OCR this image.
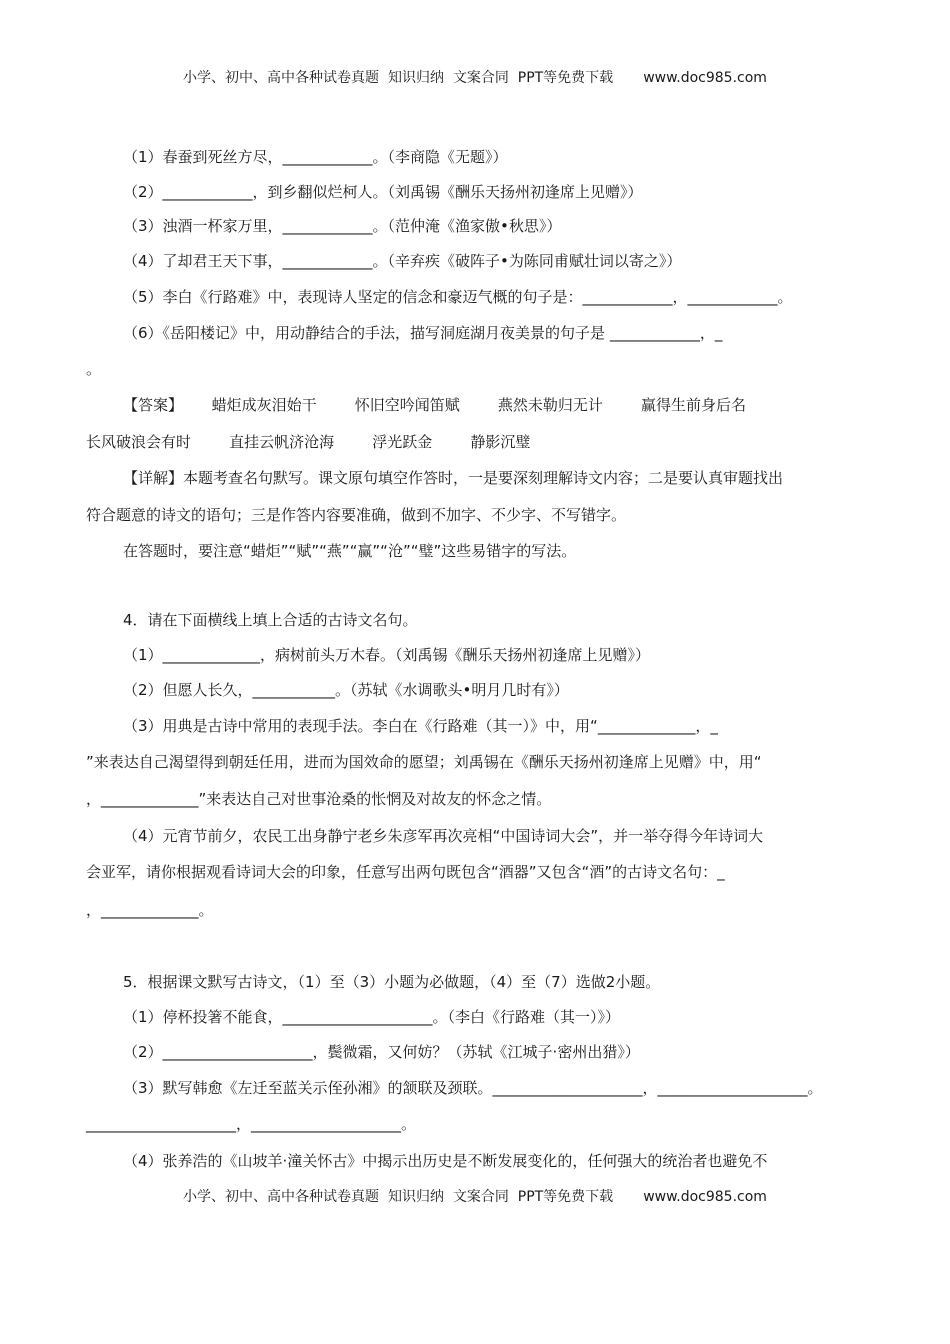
小学、初中、高中各种试卷真题  知识归纳  文案合同  PPT等免费下载 www.doc985.com
（1）春蚕到死丝方尽，____________。（李商隐《无题》）
（2）____________，到乡翻似烂柯人。（刘禹锡《酬乐天扬州初逢席上见赠》）
（3）浊酒一杯家万里，____________。（范仲淹《渔家傲•秋思》）
（4）了却君王天下事，____________。（辛弃疾《破阵子•为陈同甫赋壮词以寄之》）
（5）李白《行路难》中，表现诗人坚定的信念和豪迈气概的句子是：____________，____________。
（6）《岳阳楼记》中，用动静结合的手法，描写洞庭湖月夜美景的句子是 ____________，_
。
【答案】      蜡炬成灰泪始干        怀旧空吟闻笛赋        燕然未勒归无计        赢得生前身后名
长风破浪会有时        直挂云帆济沧海        浮光跃金        静影沉璧
【详解】本题考查名句默写。课文原句填空作答时，一是要深刻理解诗文内容；二是要认真审题找出
符合题意的诗文的语句；三是作答内容要准确，做到不加字、不少字、不写错字。
在答题时，要注意“蜡炬”“赋”“燕”“赢”“沧”“璧”这些易错字的写法。
4．请在下面横线上填上合适的古诗文名句。
（1）_____________，病树前头万木春。（刘禹锡《酬乐天扬州初逢席上见赠》）
（2）但愿人长久，___________。（苏轼《水调歌头•明月几时有》）
（3）用典是古诗中常用的表现手法。李白在《行路难（其一）》中，用“_____________，_
”来表达自己渴望得到朝廷任用，进而为国效命的愿望；刘禹锡在《酬乐天扬州初逢席上见赠》中，用“
，_____________”来表达自己对世事沧桑的怅惘及对故友的怀念之情。
（4）元宵节前夕，农民工出身静宁老乡朱彦军再次亮相“中国诗词大会”，并一举夺得今年诗词大
会亚军，请你根据观看诗词大会的印象，任意写出两句既包含“酒器”又包含“酒”的古诗文名句：_
，_____________。
5．根据课文默写古诗文，（1）至（3）小题为必做题，（4）至（7）选做2小题。
（1）停杯投箸不能食，____________________。（李白《行路难（其一）》）
（2）____________________，鬓微霜，又何妨？（苏轼《江城子·密州出猎》）
（3）默写韩愈《左迁至蓝关示侄孙湘》的颔联及颈联。____________________，____________________。
____________________，____________________。
（4）张养浩的《山坡羊·潼关怀古》中揭示出历史是不断发展变化的，任何强大的统治者也避免不
小学、初中、高中各种试卷真题  知识归纳  文案合同  PPT等免费下载 www.doc985.com
